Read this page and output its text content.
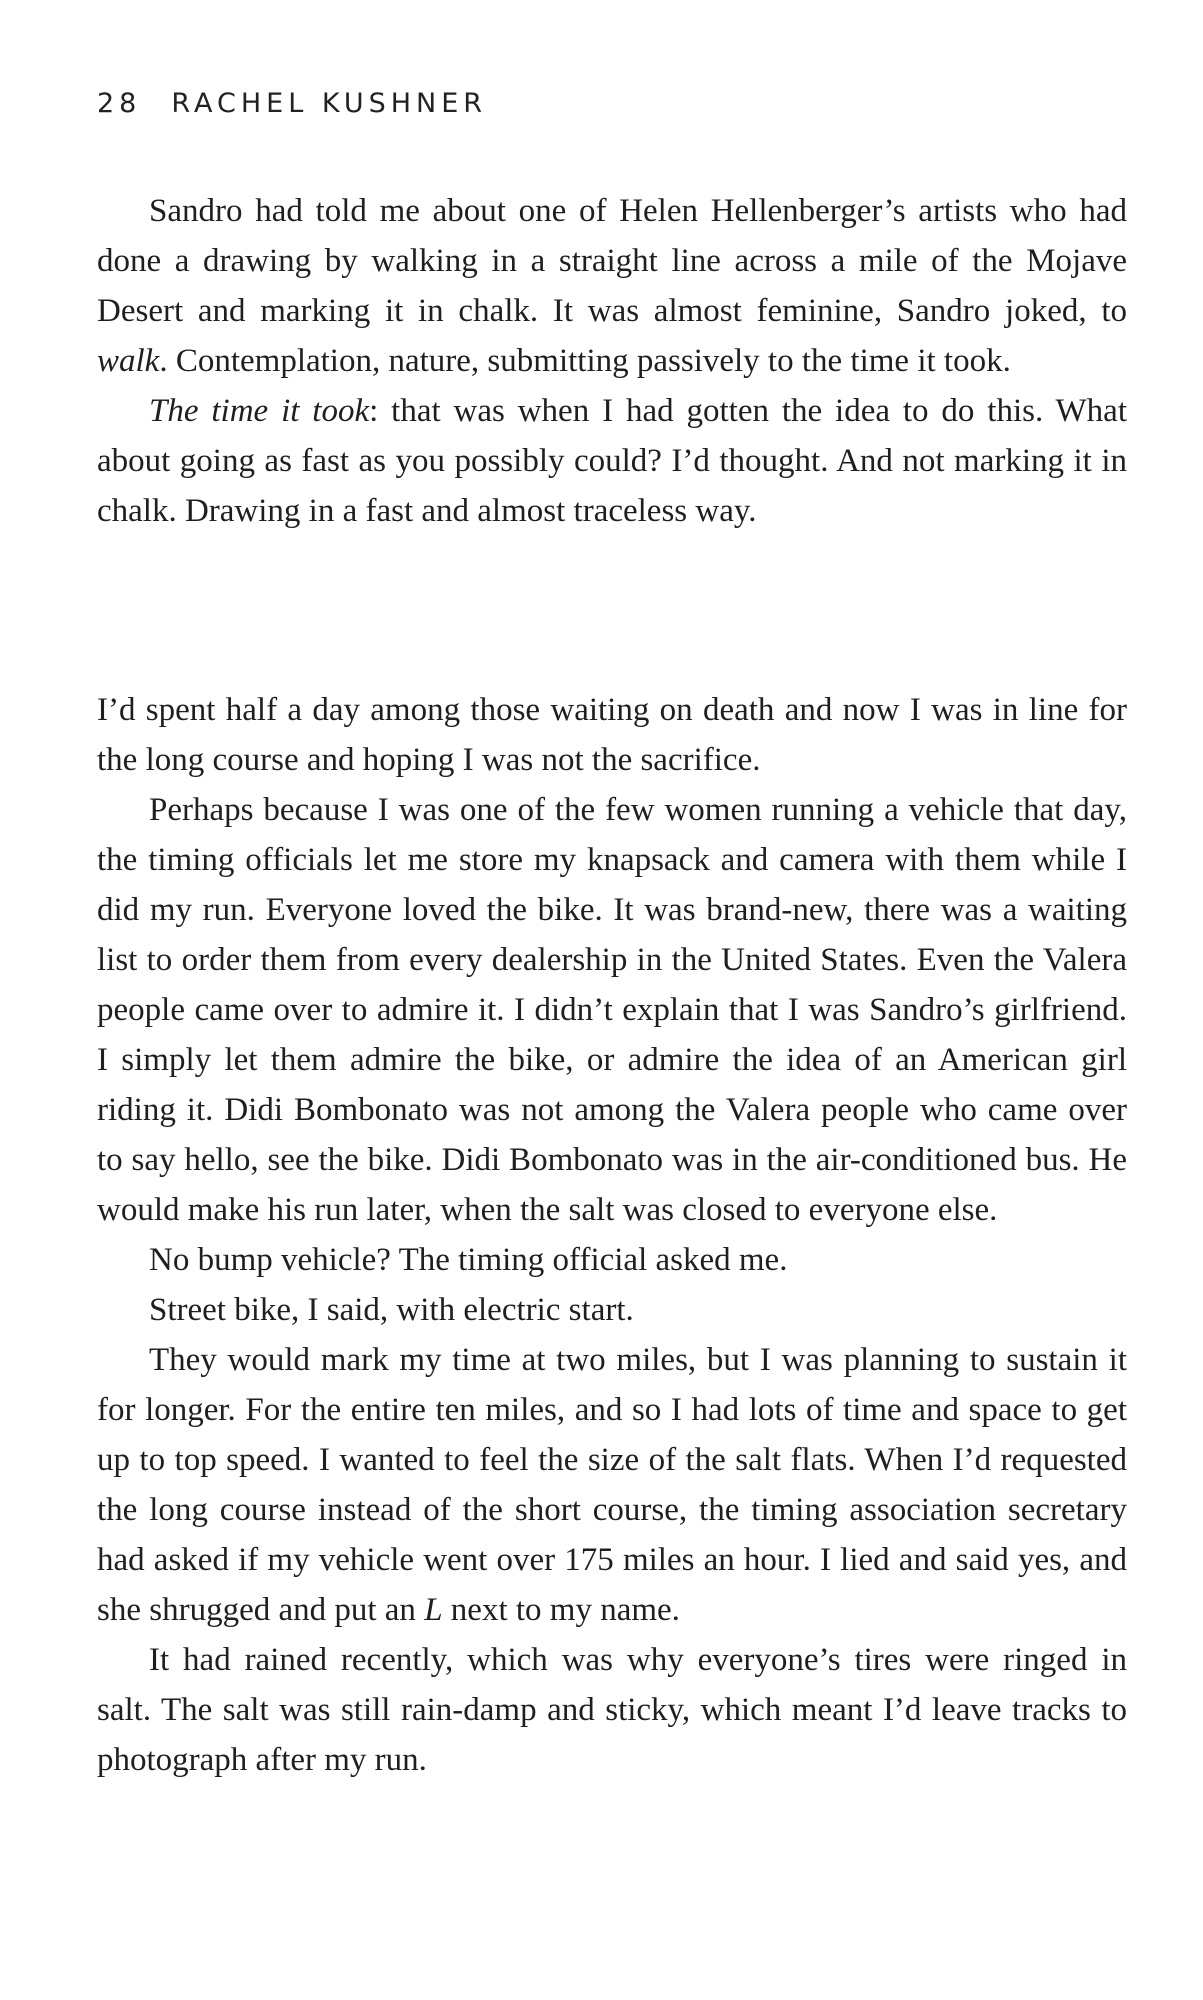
28 RACHEL KUSHNER

Sandro had told me about one of Helen Hellenberger’s artists who had done a drawing by walking in a straight line across a mile of the Mojave Desert and marking it in chalk. It was almost feminine, Sandro joked, to walk. Contemplation, nature, submitting passively to the time it took.

The time it took: that was when I had gotten the idea to do this. What about going as fast as you possibly could? I’d thought. And not marking it in chalk. Drawing in a fast and almost traceless way.

I’d spent half a day among those waiting on death and now I was in line for the long course and hoping I was not the sacrifice.

Perhaps because I was one of the few women running a vehicle that day, the timing officials let me store my knapsack and camera with them while I did my run. Everyone loved the bike. It was brand-new, there was a waiting list to order them from every dealership in the United States. Even the Valera people came over to admire it. I didn’t explain that I was Sandro’s girlfriend. I simply let them admire the bike, or admire the idea of an American girl riding it. Didi Bombonato was not among the Valera people who came over to say hello, see the bike. Didi Bombonato was in the air-conditioned bus. He would make his run later, when the salt was closed to everyone else.

No bump vehicle? The timing official asked me.

Street bike, I said, with electric start.

They would mark my time at two miles, but I was planning to sustain it for longer. For the entire ten miles, and so I had lots of time and space to get up to top speed. I wanted to feel the size of the salt flats. When I’d requested the long course instead of the short course, the timing association secretary had asked if my vehicle went over 175 miles an hour. I lied and said yes, and she shrugged and put an L next to my name.

It had rained recently, which was why everyone’s tires were ringed in salt. The salt was still rain-damp and sticky, which meant I’d leave tracks to photograph after my run.
